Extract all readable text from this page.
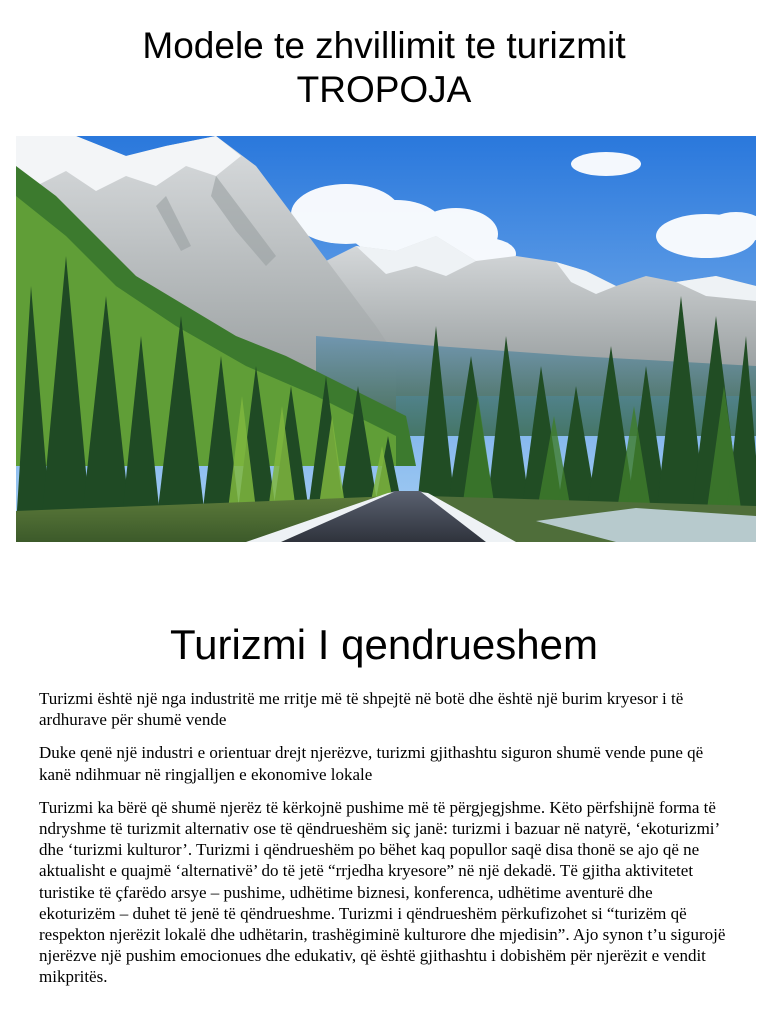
Modele te zhvillimit te turizmit
TROPOJA
Turizmi I qendrueshem

Turizmi është një nga industritë me rritje më të shpejtë në botë dhe është një burim kryesor i të ardhurave për shumë vende

Duke qenë një industri e orientuar drejt njerëzve, turizmi gjithashtu siguron shumë vende pune që kanë ndihmuar në ringjalljen e ekonomive lokale

Turizmi ka bërë që shumë njerëz të kërkojnë pushime më të përgjegjshme. Këto përfshijnë forma të ndryshme të turizmit alternativ ose të qëndrueshëm siç janë: turizmi i bazuar në natyrë, ‘ekoturizmi’ dhe ‘turizmi kulturor’. Turizmi i qëndrueshëm po bëhet kaq popullor saqë disa thonë se ajo që ne aktualisht e quajmë ‘alternativë’ do të jetë “rrjedha kryesore” në një dekadë. Të gjitha aktivitetet turistike të çfarëdo arsye – pushime, udhëtime biznesi, konferenca, udhëtime aventurë dhe ekoturizëm – duhet të jenë të qëndrueshme. Turizmi i qëndrueshëm përkufizohet si “turizëm që respekton njerëzit lokalë dhe udhëtarin, trashëgiminë kulturore dhe mjedisin”. Ajo synon t’u sigurojë njerëzve një pushim emocionues dhe edukativ, që është gjithashtu i dobishëm për njerëzit e vendit mikpritës.
